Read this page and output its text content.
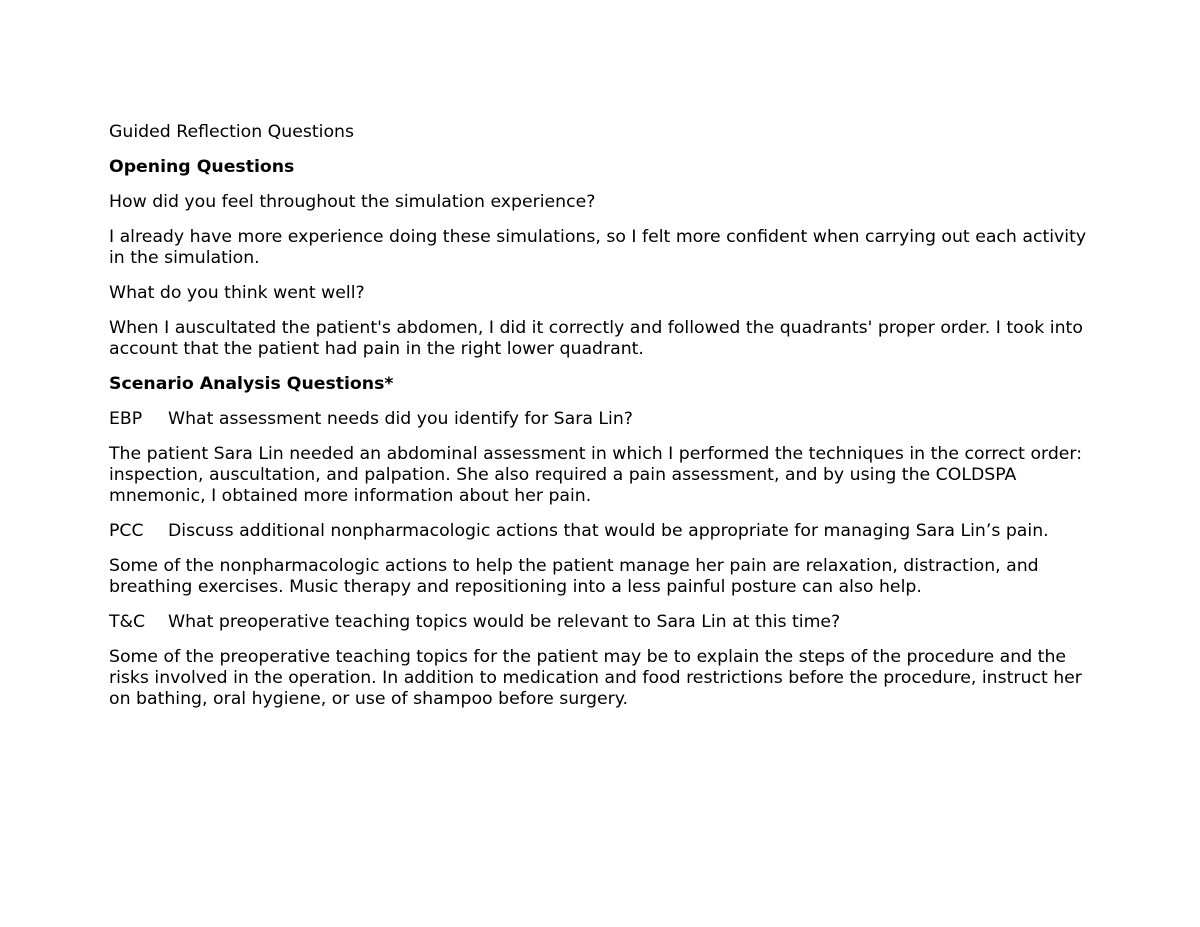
Guided Reflection Questions

Opening Questions

How did you feel throughout the simulation experience?

I already have more experience doing these simulations, so I felt more confident when carrying out each activity in the simulation.

What do you think went well?

When I auscultated the patient's abdomen, I did it correctly and followed the quadrants' proper order. I took into account that the patient had pain in the right lower quadrant.

Scenario Analysis Questions*

EBP What assessment needs did you identify for Sara Lin?

The patient Sara Lin needed an abdominal assessment in which I performed the techniques in the correct order: inspection, auscultation, and palpation. She also required a pain assessment, and by using the COLDSPA mnemonic, I obtained more information about her pain.

PCC Discuss additional nonpharmacologic actions that would be appropriate for managing Sara Lin’s pain.

Some of the nonpharmacologic actions to help the patient manage her pain are relaxation, distraction, and breathing exercises. Music therapy and repositioning into a less painful posture can also help.

T&C What preoperative teaching topics would be relevant to Sara Lin at this time?

Some of the preoperative teaching topics for the patient may be to explain the steps of the procedure and the risks involved in the operation. In addition to medication and food restrictions before the procedure, instruct her on bathing, oral hygiene, or use of shampoo before surgery.
